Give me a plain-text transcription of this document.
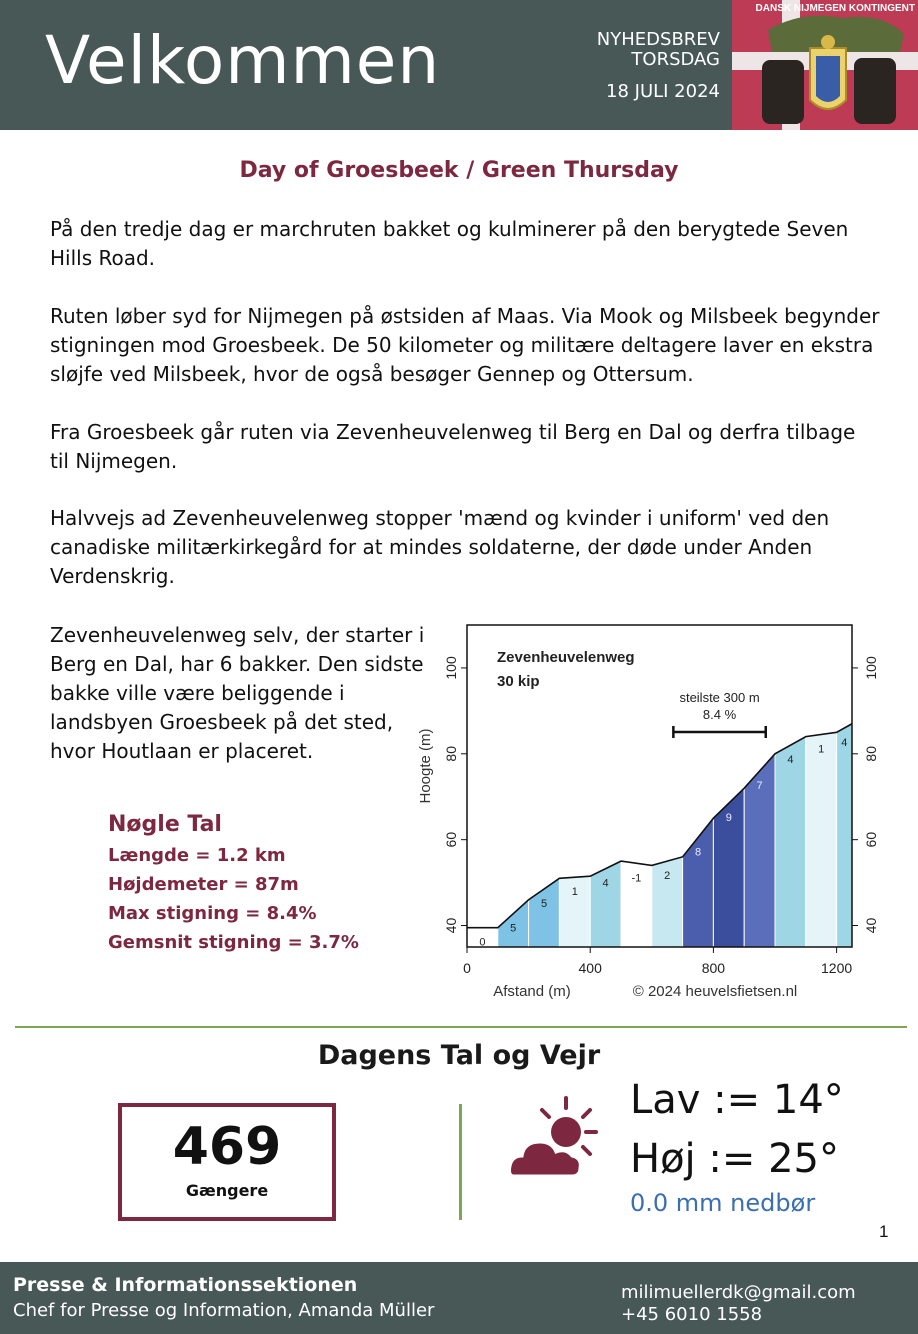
Velkommen	NYHEDSBREV
TORSDAG
18 JULI 2024
DANSK NIJMEGEN KONTINGENT
Day of Groesbeek / Green Thursday

På den tredje dag er marchruten bakket og kulminerer på den berygtede Seven Hills Road.

Ruten løber syd for Nijmegen på østsiden af Maas. Via Mook og Milsbeek begynder stigningen mod Groesbeek. De 50 kilometer og militære deltagere laver en ekstra sløjfe ved Milsbeek, hvor de også besøger Gennep og Ottersum.

Fra Groesbeek går ruten via Zevenheuvelenweg til Berg en Dal og derfra tilbage til Nijmegen.

Halvvejs ad Zevenheuvelenweg stopper 'mænd og kvinder i uniform' ved den canadiske militærkirkegård for at mindes soldaterne, der døde under Anden Verdenskrig.

Zevenheuvelenweg selv, der starter i Berg en Dal, har 6 bakker. Den sidste bakke ville være beliggende i landsbyen Groesbeek på det sted, hvor Houtlaan er placeret.

Nøgle Tal
Længde = 1.2 km
Højdemeter = 87m
Max stigning = 8.4%
Gemsnit stigning = 3.7%	0
5
5
1
4 -1 2
8
9
7
4
1
4
40	40
60	60
80	80
100	100
0	400	800	1200
Hoogte (m)
Afstand (m)	© 2024 heuvelsfietsen.nl
Zevenheuvelenweg
30 kip
steilste 300 m
8.4 %
Dagens Tal og Vejr
469
Gængere
Lav := 14°
Høj := 25°
0.0 mm nedbør
1
Presse & Informationssektionen
Chef for Presse og Information, Amanda Müller
milimuellerdk@gmail.com
+45 6010 1558
